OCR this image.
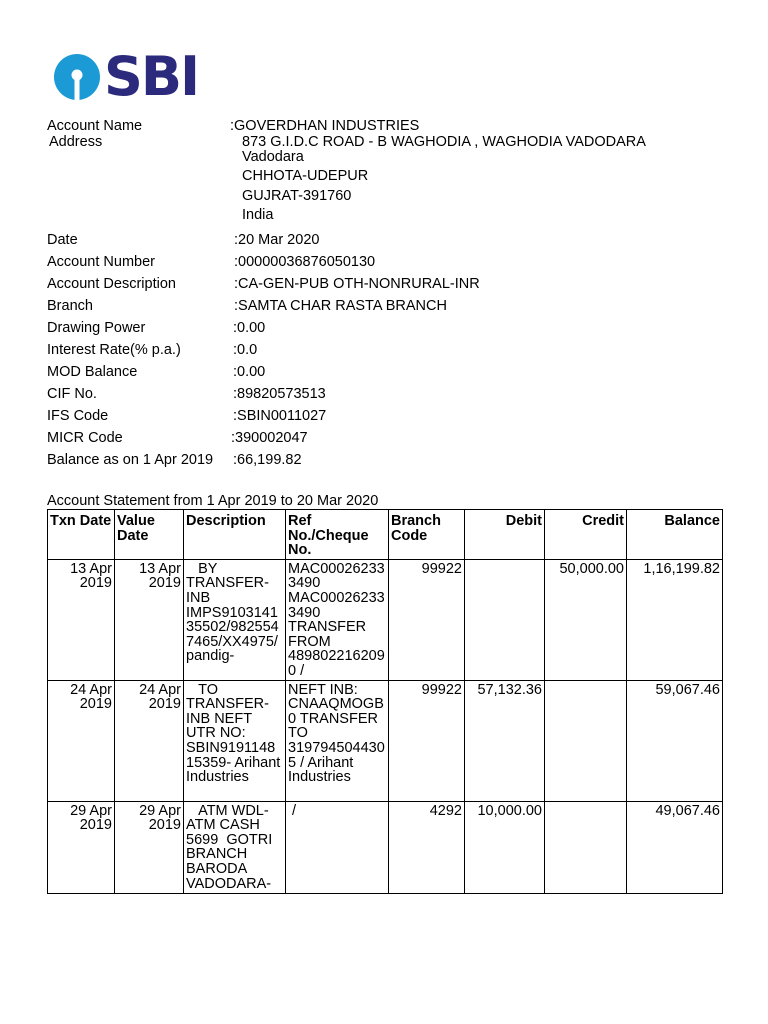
SBI
Account Name	:GOVERDHAN INDUSTRIES
Address	873 G.I.D.C ROAD - B WAGHODIA , WAGHODIA VADODARA
Vadodara
CHHOTA-UDEPUR
GUJRAT-391760
India
Date	:20 Mar 2020
Account Number	:00000036876050130
Account Description	:CA-GEN-PUB OTH-NONRURAL-INR
Branch	:SAMTA CHAR RASTA BRANCH
Drawing Power	:0.00
Interest Rate(% p.a.)	:0.0
MOD Balance	:0.00
CIF No.	:89820573513
IFS Code	:SBIN0011027
MICR Code	:390002047
Balance as on 1 Apr 2019 :66,199.82
Account Statement from 1 Apr 2019 to 20 Mar 2020
Txn Date	Value Date	Description	Ref No./Cheque No.	Branch Code	Debit	Credit	Balance
13 Apr 2019	13 Apr 2019	BY TRANSFER-INB IMPS910314135502/9825547465/XX4975/pandig-	MAC000262333490 MAC000262333490 TRANSFER FROM 4898022162090 /	99922		50,000.00	1,16,199.82
24 Apr 2019	24 Apr 2019	TO TRANSFER-INB NEFT UTR NO: SBIN919114815359- Arihant Industries	NEFT INB: CNAAQMOGB0 TRANSFER TO 3197945044305 / Arihant Industries	99922	57,132.36		59,067.46
29 Apr 2019	29 Apr 2019	ATM WDL- ATM CASH 5699  GOTRI BRANCH BARODA VADODARA-	/	4292	10,000.00		49,067.46
